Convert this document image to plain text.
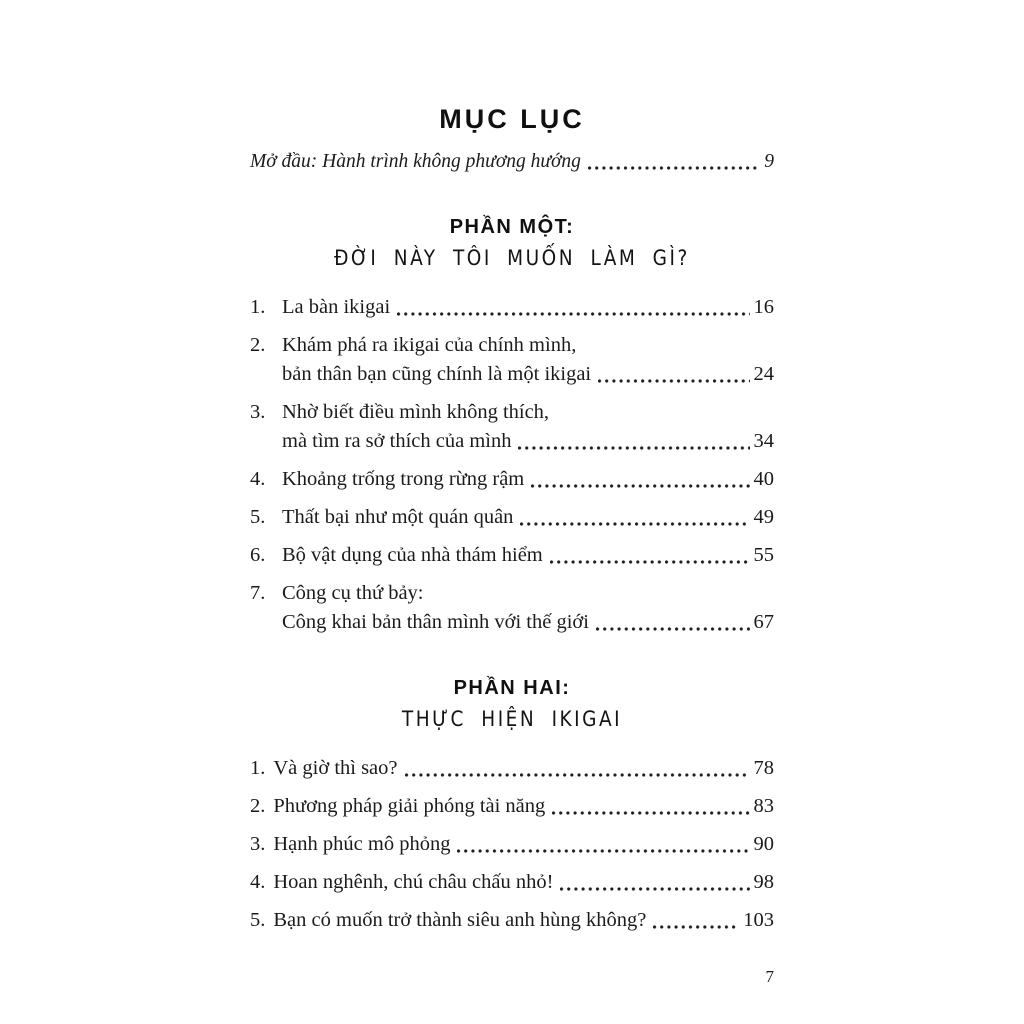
MỤC LỤC
Mở đầu: Hành trình không phương hướng	9
PHẦN MỘT:
ĐỜI NÀY TÔI MUỐN LÀM GÌ?
1. La bàn ikigai	16
2. Khám phá ra ikigai của chính mình,
bản thân bạn cũng chính là một ikigai	24
3. Nhờ biết điều mình không thích,
mà tìm ra sở thích của mình	34
4. Khoảng trống trong rừng rậm	40
5. Thất bại như một quán quân	49
6. Bộ vật dụng của nhà thám hiểm	55
7. Công cụ thứ bảy:
Công khai bản thân mình với thế giới	67
PHẦN HAI:
THỰC HIỆN IKIGAI
1. Và giờ thì sao?	78
2. Phương pháp giải phóng tài năng	83
3. Hạnh phúc mô phỏng	90
4. Hoan nghênh, chú châu chấu nhỏ!	98
5. Bạn có muốn trở thành siêu anh hùng không?	103
7
